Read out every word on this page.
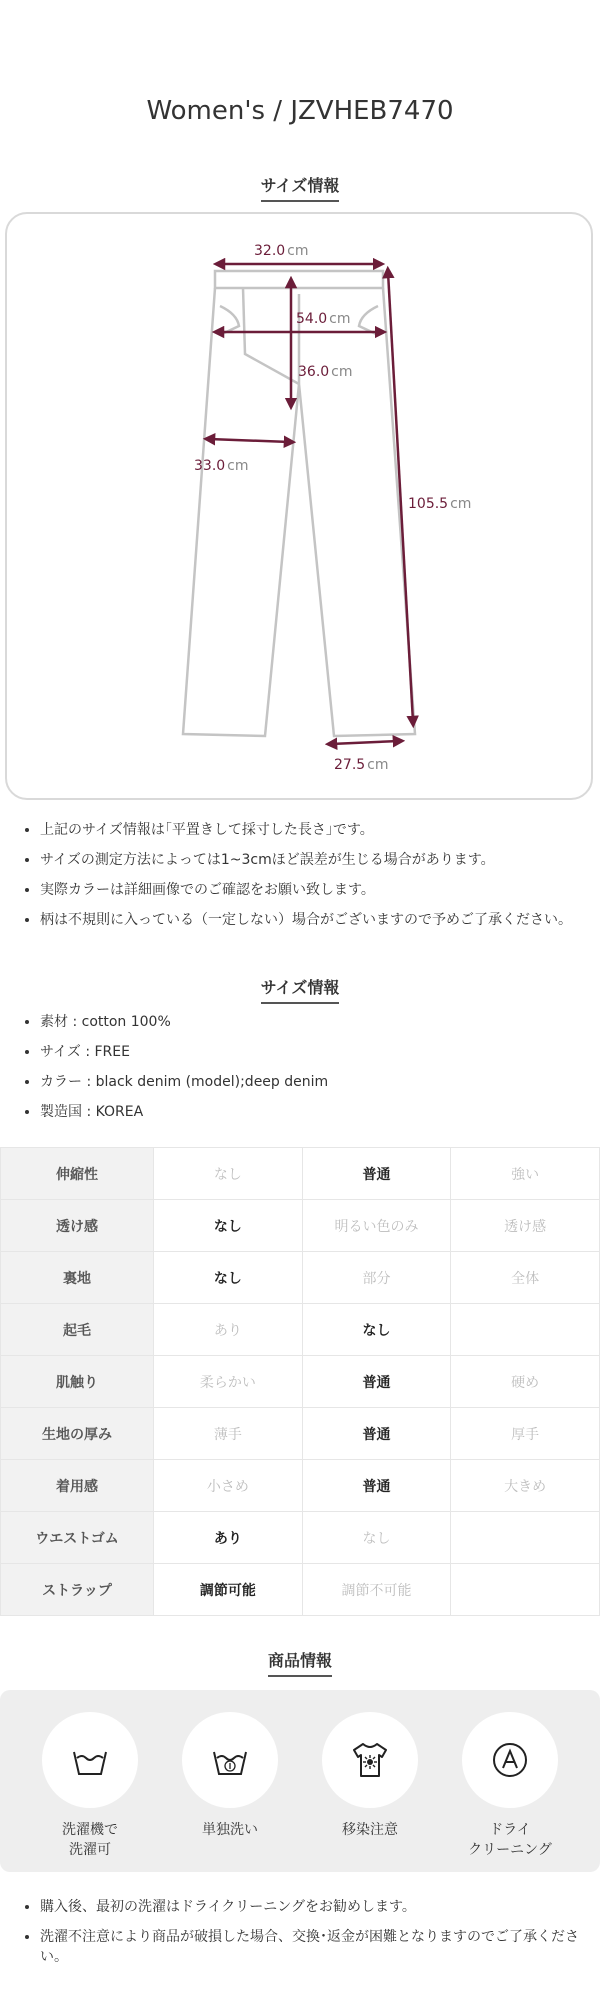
Women's / JZVHEB7470
サイズ情報
32.0 cm
54.0 cm
36.0 cm
33.0 cm
105.5 cm
27.5 cm
• 上記のサイズ情報は｢平置きして採寸した長さ｣です。
• サイズの測定方法によっては1~3cmほど誤差が生じる場合があります。
• 実際カラーは詳細画像でのご確認をお願い致します。
• 柄は不規則に入っている（一定しない）場合がございますので予めご了承ください。
サイズ情報
• 素材 : cotton 100%
• サイズ : FREE
• カラー : black denim (model);deep denim
• 製造国 : KOREA
伸縮性	なし	普通	強い
透け感	なし	明るい色のみ	透け感
裏地	なし	部分	全体
起毛	あり	なし	
肌触り	柔らかい	普通	硬め
生地の厚み	薄手	普通	厚手
着用感	小さめ	普通	大きめ
ウエストゴム	あり	なし	
ストラップ	調節可能	調節不可能	
商品情報
洗濯機で
洗濯可
単独洗い	移染注意	ドライ
クリーニング
• 購入後、最初の洗濯はドライクリーニングをお勧めします。
• 洗濯不注意により商品が破損した場合、交換･返金が困難となりますのでご了承ください。
